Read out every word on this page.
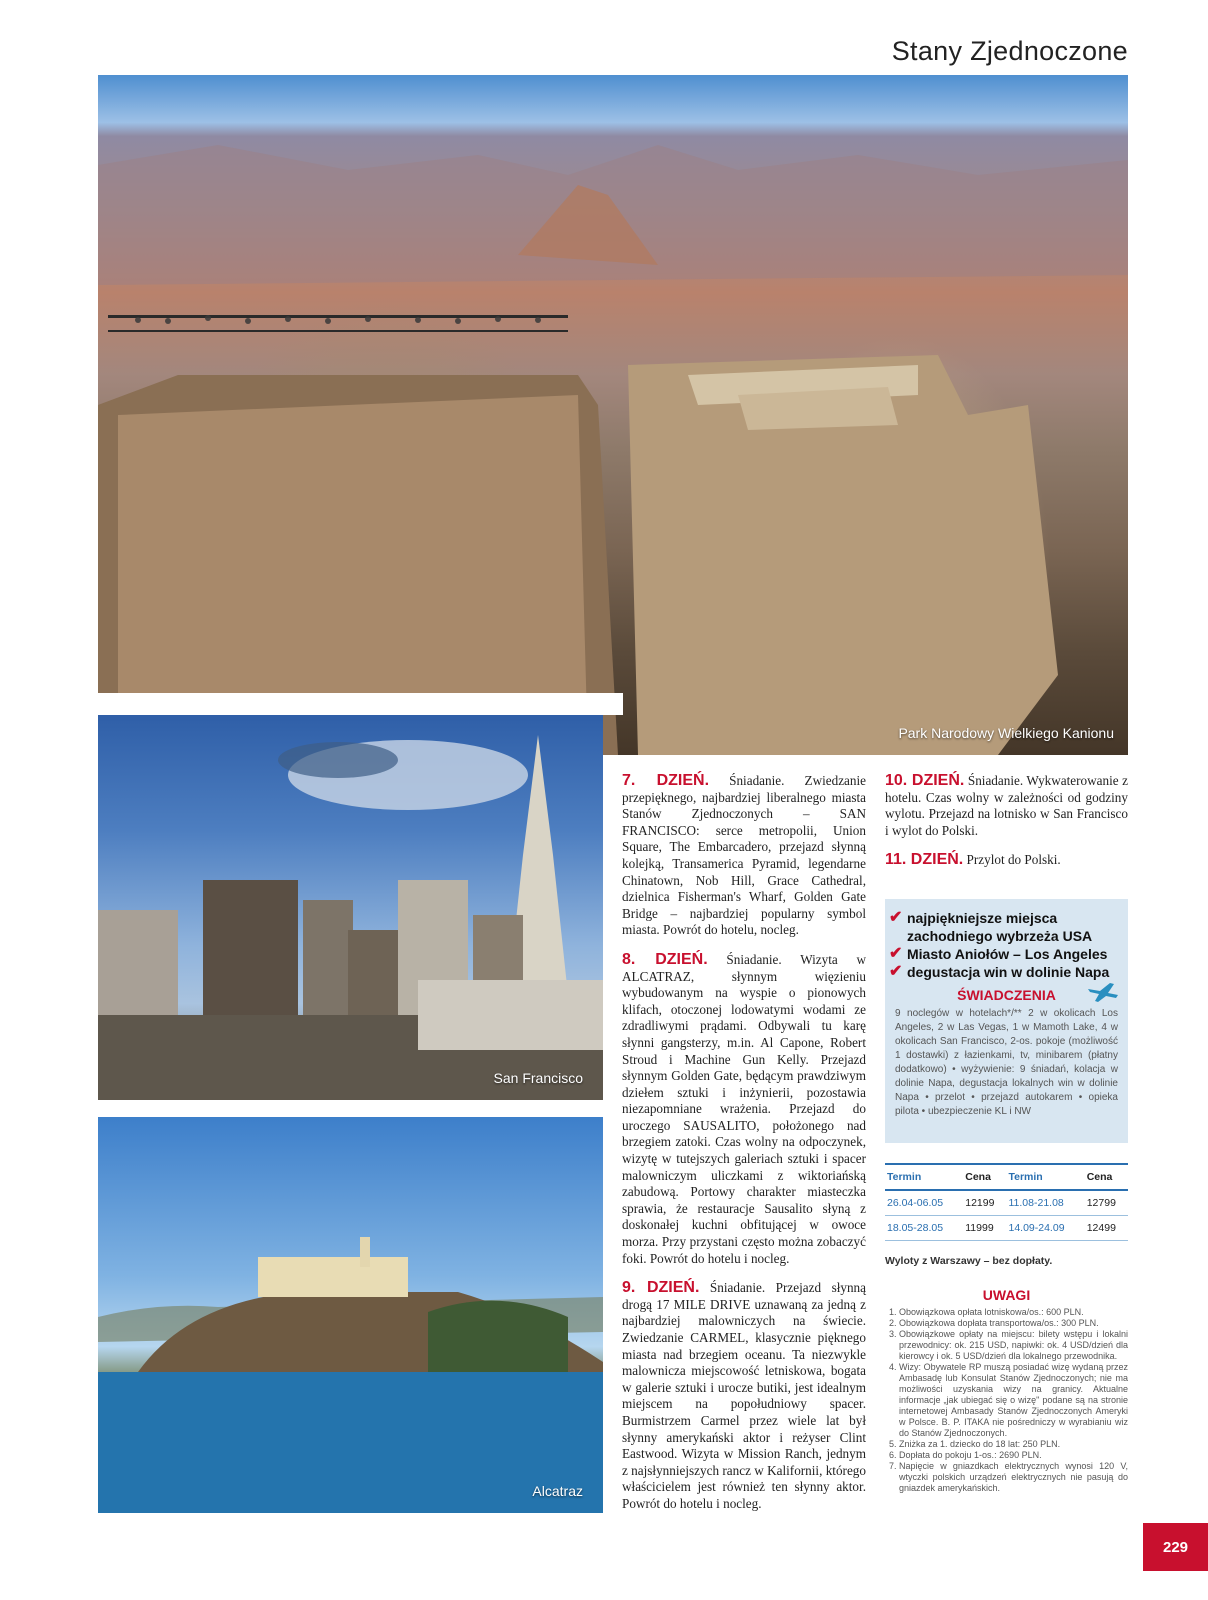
Stany Zjednoczone
Park Narodowy Wielkiego Kanionu
San Francisco
Alcatraz

7. DZIEŃ. Śniadanie. Zwiedzanie przepięknego, najbardziej liberalnego miasta Stanów Zjednoczonych – SAN FRANCISCO: serce metropolii, Union Square, The Embarcadero, przejazd słynną kolejką, Transamerica Pyramid, legendarne Chinatown, Nob Hill, Grace Cathedral, dzielnica Fisherman's Wharf, Golden Gate Bridge – najbardziej popularny symbol miasta. Powrót do hotelu, nocleg.

8. DZIEŃ. Śniadanie. Wizyta w ALCATRAZ, słynnym więzieniu wybudowanym na wyspie o pionowych klifach, otoczonej lodowatymi wodami ze zdradliwymi prądami. Odbywali tu karę słynni gangsterzy, m.in. Al Capone, Robert Stroud i Machine Gun Kelly. Przejazd słynnym Golden Gate, będącym prawdziwym dziełem sztuki i inżynierii, pozostawia niezapomniane wrażenia. Przejazd do uroczego SAUSALITO, położonego nad brzegiem zatoki. Czas wolny na odpoczynek, wizytę w tutejszych galeriach sztuki i spacer malowniczym uliczkami z wiktoriańską zabudową. Portowy charakter miasteczka sprawia, że restauracje Sausalito słyną z doskonałej kuchni obfitującej w owoce morza. Przy przystani często można zobaczyć foki. Powrót do hotelu i nocleg.

9. DZIEŃ. Śniadanie. Przejazd słynną drogą 17 MILE DRIVE uznawaną za jedną z najbardziej malowniczych na świecie. Zwiedzanie CARMEL, klasycznie pięknego miasta nad brzegiem oceanu. Ta niezwykle malownicza miejscowość letniskowa, bogata w galerie sztuki i urocze butiki, jest idealnym miejscem na popołudniowy spacer. Burmistrzem Carmel przez wiele lat był słynny amerykański aktor i reżyser Clint Eastwood. Wizyta w Mission Ranch, jednym z najsłynniejszych rancz w Kalifornii, którego właścicielem jest również ten słynny aktor. Powrót do hotelu i nocleg.

10. DZIEŃ. Śniadanie. Wykwaterowanie z hotelu. Czas wolny w zależności od godziny wylotu. Przejazd na lotnisko w San Francisco i wylot do Polski.

11. DZIEŃ. Przylot do Polski.

✔ najpiękniejsze miejsca zachodniego wybrzeża USA
✔ Miasto Aniołów – Los Angeles
✔ degustacja win w dolinie Napa
ŚWIADCZENIA
9 noclegów w hotelach*/** 2 w okolicach Los Angeles, 2 w Las Vegas, 1 w Mamoth Lake, 4 w okolicach San Francisco, 2-os. pokoje (możliwość 1 dostawki) z łazienkami, tv, minibarem (płatny dodatkowo) • wyżywienie: 9 śniadań, kolacja w dolinie Napa, degustacja lokalnych win w dolinie Napa • przelot • przejazd autokarem • opieka pilota • ubezpieczenie KL i NW
Termin	Cena	Termin	Cena
26.04-06.05	12199	11.08-21.08	12799
18.05-28.05	11999	14.09-24.09	12499
Wyloty z Warszawy – bez dopłaty.
UWAGI
1. Obowiązkowa opłata lotniskowa/os.: 600 PLN.
2. Obowiązkowa dopłata transportowa/os.: 300 PLN.
3. Obowiązkowe opłaty na miejscu: bilety wstępu i lokalni przewodnicy: ok. 215 USD, napiwki: ok. 4 USD/dzień dla kierowcy i ok. 5 USD/dzień dla lokalnego przewodnika.
4. Wizy: Obywatele RP muszą posiadać wizę wydaną przez Ambasadę lub Konsulat Stanów Zjednoczonych; nie ma możliwości uzyskania wizy na granicy. Aktualne informacje „jak ubiegać się o wizę" podane są na stronie internetowej Ambasady Stanów Zjednoczonych Ameryki w Polsce. B. P. ITAKA nie pośredniczy w wyrabianiu wiz do Stanów Zjednoczonych.
5. Zniżka za 1. dziecko do 18 lat: 250 PLN.
6. Dopłata do pokoju 1-os.: 2690 PLN.
7. Napięcie w gniazdkach elektrycznych wynosi 120 V, wtyczki polskich urządzeń elektrycznych nie pasują do gniazdek amerykańskich.
229
